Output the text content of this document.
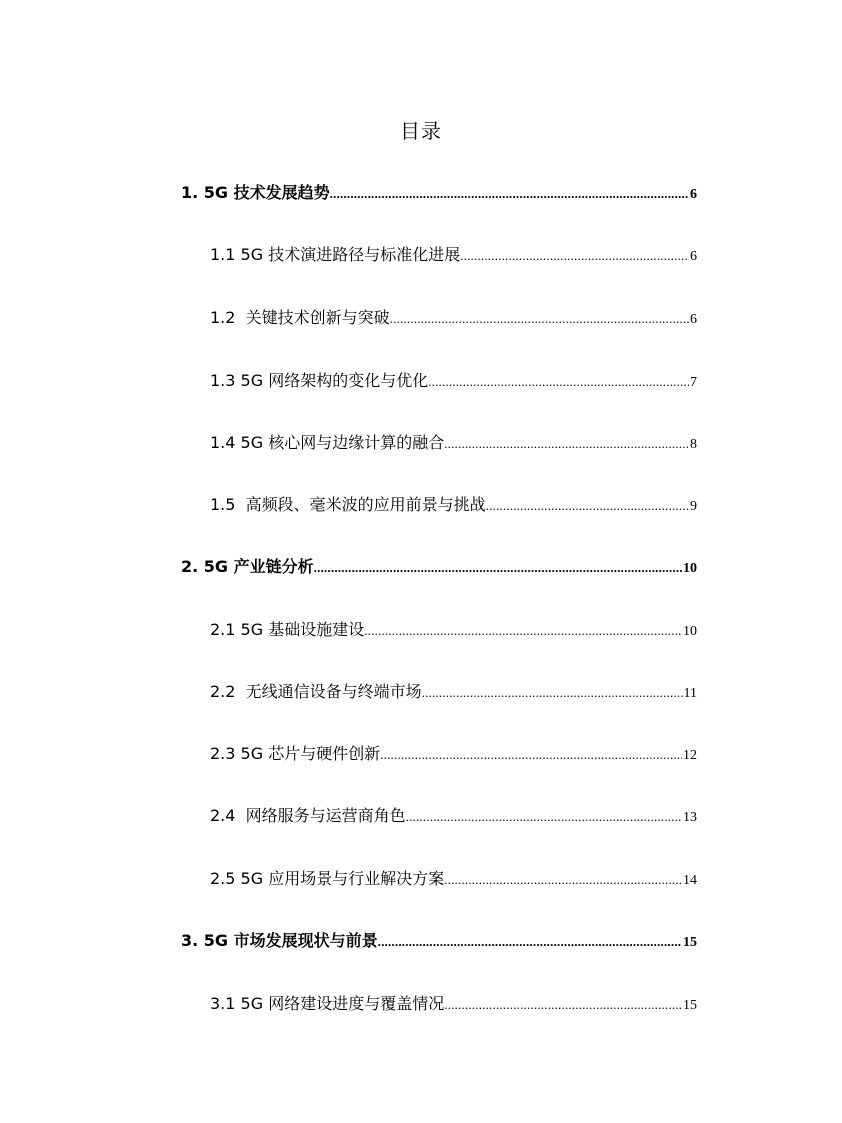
目录
1. 5G 技术发展趋势 .....	6
1.1 5G 技术演进路径与标准化进展 .....	6
1.2  关键技术创新与突破 .....	6
1.3 5G 网络架构的变化与优化 .....	7
1.4 5G 核心网与边缘计算的融合 .....	8
1.5  高频段、毫米波的应用前景与挑战 .....	9
2. 5G 产业链分析 .....	10
2.1 5G 基础设施建设 .....	10
2.2  无线通信设备与终端市场 .....	11
2.3 5G 芯片与硬件创新 .....	12
2.4  网络服务与运营商角色 .....	13
2.5 5G 应用场景与行业解决方案 .....	14
3. 5G 市场发展现状与前景 .....	15
3.1 5G 网络建设进度与覆盖情况 .....	15
